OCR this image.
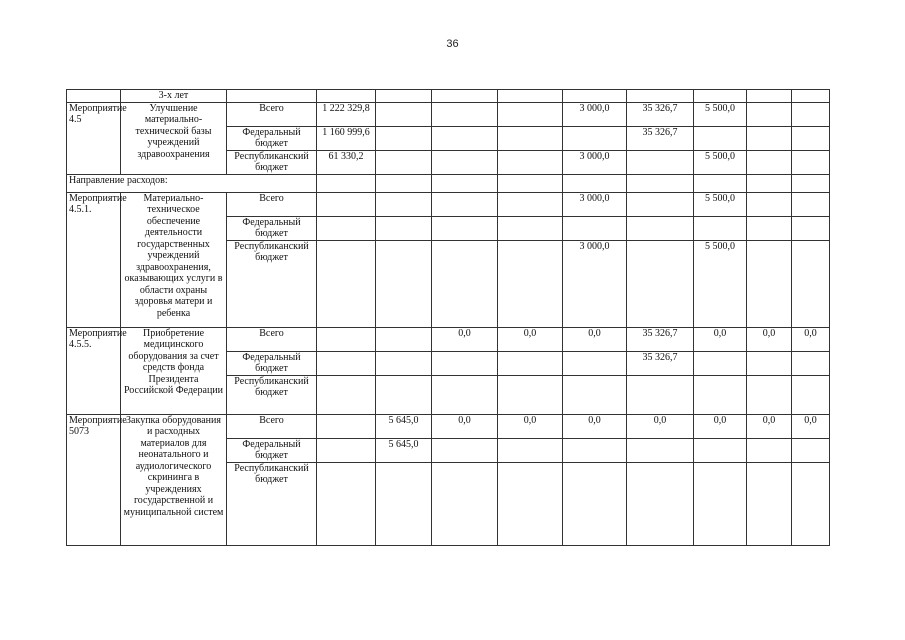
36
	3-х лет											
Мероприятие 4.5	Улучшение материально-технической базы учреждений здравоохранения	Всего	1 222 329,8				3 000,0	35 326,7	5 500,0			
		Федеральный бюджет	1 160 999,6					35 326,7				
		Республиканский бюджет	61 330,2				3 000,0		5 500,0			
Направление расходов:												
Мероприятие 4.5.1.	Материально-техническое обеспечение деятельности государственных учреждений здравоохранения, оказывающих услуги в области охраны здоровья матери и ребенка	Всего					3 000,0		5 500,0			
		Федеральный бюджет										
		Республиканский бюджет					3 000,0		5 500,0			
Мероприятие 4.5.5.	Приобретение медицинского оборудования за счет средств фонда Президента Российской Федерации	Всего			0,0	0,0	0,0	35 326,7	0,0	0,0	0,0	
		Федеральный бюджет						35 326,7				
		Республиканский бюджет										
Мероприятие 5073	Закупка оборудования и расходных материалов для неонатального и аудиологического скрининга в учреждениях государственной и муниципальной систем	Всего		5 645,0	0,0	0,0	0,0	0,0	0,0	0,0	0,0	
		Федеральный бюджет		5 645,0								
		Республиканский бюджет										
